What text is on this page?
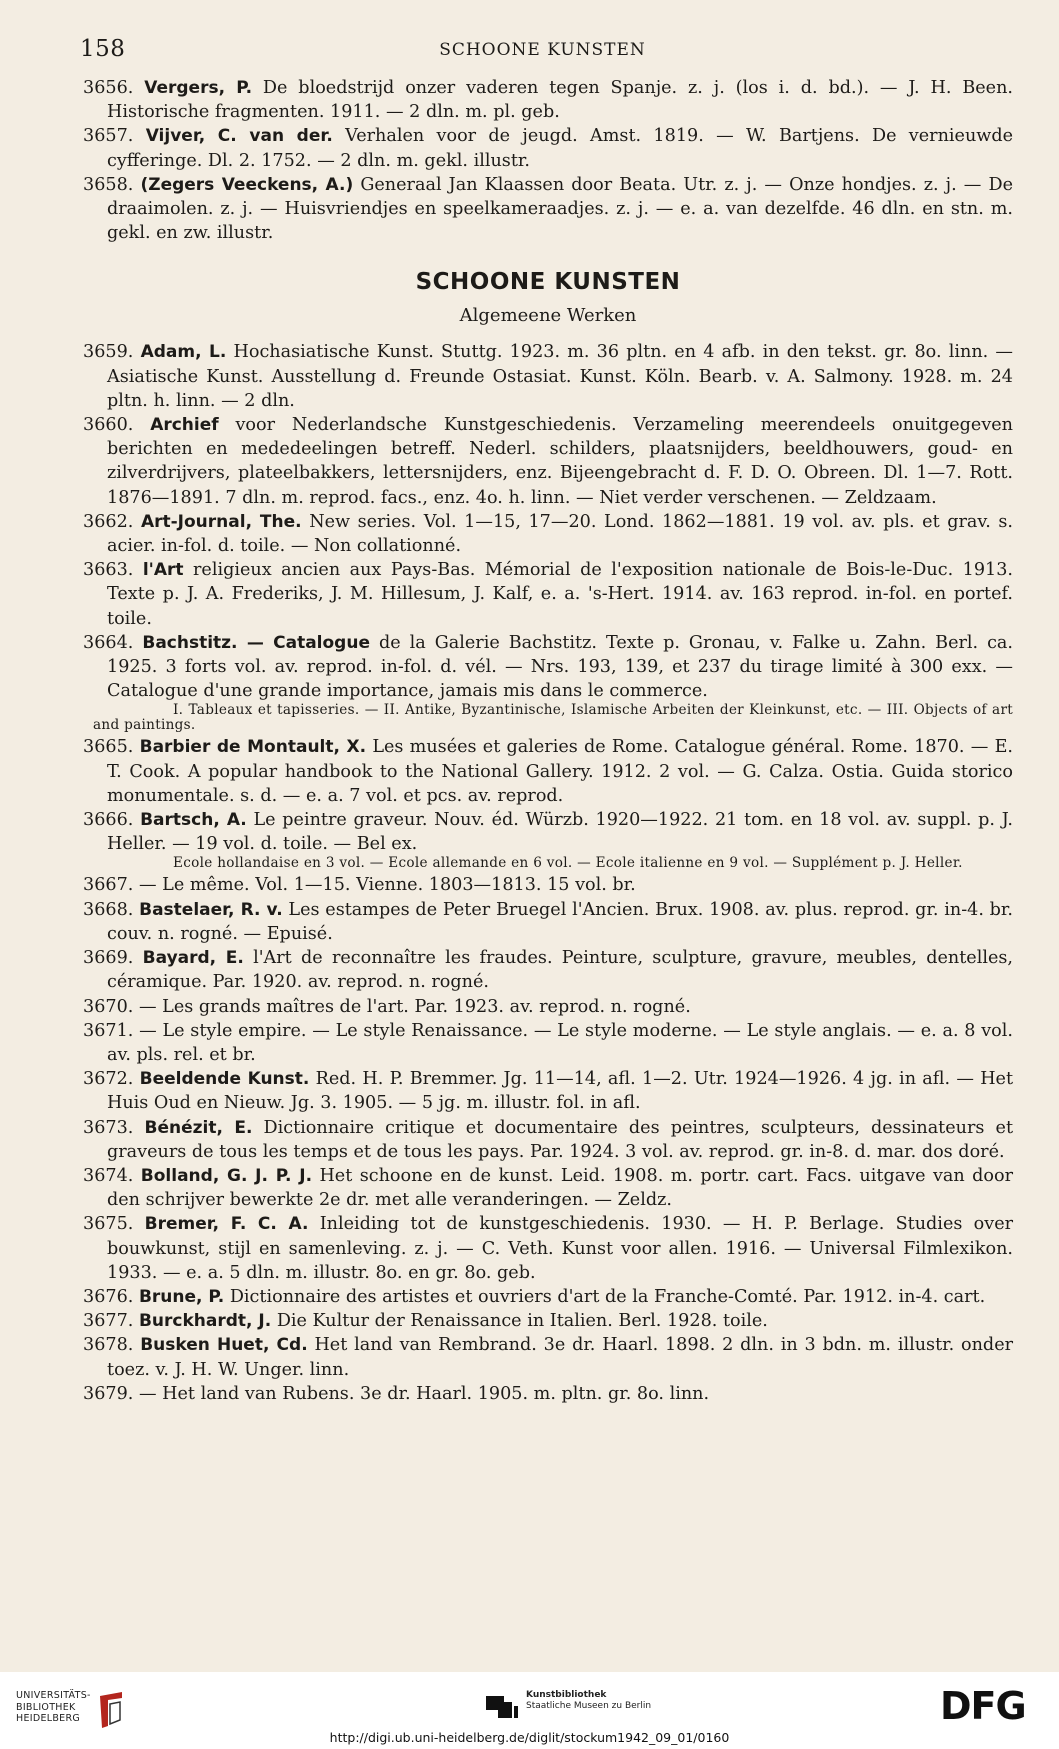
158	SCHOONE KUNSTEN

3656. Vergers, P. De bloedstrijd onzer vaderen tegen Spanje. z. j. (los i. d. bd.). — J. H. Been. Historische fragmenten. 1911. — 2 dln. m. pl. geb.

3657. Vijver, C. van der. Verhalen voor de jeugd. Amst. 1819. — W. Bartjens. De vernieuwde cyfferinge. Dl. 2. 1752. — 2 dln. m. gekl. illustr.

3658. (Zegers Veeckens, A.) Generaal Jan Klaassen door Beata. Utr. z. j. — Onze hondjes. z. j. — De draaimolen. z. j. — Huisvriendjes en speelkameraadjes. z. j. — e. a. van dezelfde. 46 dln. en stn. m. gekl. en zw. illustr.

SCHOONE KUNSTEN
Algemeene Werken

3659. Adam, L. Hochasiatische Kunst. Stuttg. 1923. m. 36 pltn. en 4 afb. in den tekst. gr. 8o. linn. — Asiatische Kunst. Ausstellung d. Freunde Ostasiat. Kunst. Köln. Bearb. v. A. Salmony. 1928. m. 24 pltn. h. linn. — 2 dln.

3660. Archief voor Nederlandsche Kunstgeschiedenis. Verzameling meerendeels onuitgegeven berichten en mededeelingen betreff. Nederl. schilders, plaatsnijders, beeldhouwers, goud- en zilverdrijvers, plateelbakkers, lettersnijders, enz. Bijeengebracht d. F. D. O. Obreen. Dl. 1—7. Rott. 1876—1891. 7 dln. m. reprod. facs., enz. 4o. h. linn. — Niet verder verschenen. — Zeldzaam.

3662. Art-Journal, The. New series. Vol. 1—15, 17—20. Lond. 1862—1881. 19 vol. av. pls. et grav. s. acier. in-fol. d. toile. — Non collationné.

3663. l'Art religieux ancien aux Pays-Bas. Mémorial de l'exposition nationale de Bois-le-Duc. 1913. Texte p. J. A. Frederiks, J. M. Hillesum, J. Kalf, e. a. 's-Hert. 1914. av. 163 reprod. in-fol. en portef. toile.

3664. Bachstitz. — Catalogue de la Galerie Bachstitz. Texte p. Gronau, v. Falke u. Zahn. Berl. ca. 1925. 3 forts vol. av. reprod. in-fol. d. vél. — Nrs. 193, 139, et 237 du tirage limité à 300 exx. — Catalogue d'une grande importance, jamais mis dans le commerce.

I. Tableaux et tapisseries. — II. Antike, Byzantinische, Islamische Arbeiten der Kleinkunst, etc. — III. Objects of art and paintings.

3665. Barbier de Montault, X. Les musées et galeries de Rome. Catalogue général. Rome. 1870. — E. T. Cook. A popular handbook to the National Gallery. 1912. 2 vol. — G. Calza. Ostia. Guida storico monumentale. s. d. — e. a. 7 vol. et pcs. av. reprod.

3666. Bartsch, A. Le peintre graveur. Nouv. éd. Würzb. 1920—1922. 21 tom. en 18 vol. av. suppl. p. J. Heller. — 19 vol. d. toile. — Bel ex.

Ecole hollandaise en 3 vol. — Ecole allemande en 6 vol. — Ecole italienne en 9 vol. — Supplément p. J. Heller.

3667. — Le même. Vol. 1—15. Vienne. 1803—1813. 15 vol. br.

3668. Bastelaer, R. v. Les estampes de Peter Bruegel l'Ancien. Brux. 1908. av. plus. reprod. gr. in-4. br. couv. n. rogné. — Epuisé.

3669. Bayard, E. l'Art de reconnaître les fraudes. Peinture, sculpture, gravure, meubles, dentelles, céramique. Par. 1920. av. reprod. n. rogné.

3670. — Les grands maîtres de l'art. Par. 1923. av. reprod. n. rogné.

3671. — Le style empire. — Le style Renaissance. — Le style moderne. — Le style anglais. — e. a. 8 vol. av. pls. rel. et br.

3672. Beeldende Kunst. Red. H. P. Bremmer. Jg. 11—14, afl. 1—2. Utr. 1924—1926. 4 jg. in afl. — Het Huis Oud en Nieuw. Jg. 3. 1905. — 5 jg. m. illustr. fol. in afl.

3673. Bénézit, E. Dictionnaire critique et documentaire des peintres, sculpteurs, dessinateurs et graveurs de tous les temps et de tous les pays. Par. 1924. 3 vol. av. reprod. gr. in-8. d. mar. dos doré.

3674. Bolland, G. J. P. J. Het schoone en de kunst. Leid. 1908. m. portr. cart. Facs. uitgave van door den schrijver bewerkte 2e dr. met alle veranderingen. — Zeldz.

3675. Bremer, F. C. A. Inleiding tot de kunstgeschiedenis. 1930. — H. P. Berlage. Studies over bouwkunst, stijl en samenleving. z. j. — C. Veth. Kunst voor allen. 1916. — Universal Filmlexikon. 1933. — e. a. 5 dln. m. illustr. 8o. en gr. 8o. geb.

3676. Brune, P. Dictionnaire des artistes et ouvriers d'art de la Franche-Comté. Par. 1912. in-4. cart.

3677. Burckhardt, J. Die Kultur der Renaissance in Italien. Berl. 1928. toile.

3678. Busken Huet, Cd. Het land van Rembrand. 3e dr. Haarl. 1898. 2 dln. in 3 bdn. m. illustr. onder toez. v. J. H. W. Unger. linn.

3679. — Het land van Rubens. 3e dr. Haarl. 1905. m. pltn. gr. 8o. linn.

UNIVERSITÄTS-
BIBLIOTHEK
HEIDELBERG
Kunstbibliothek
Staatliche Museen zu Berlin	DFG
http://digi.ub.uni-heidelberg.de/diglit/stockum1942_09_01/0160
